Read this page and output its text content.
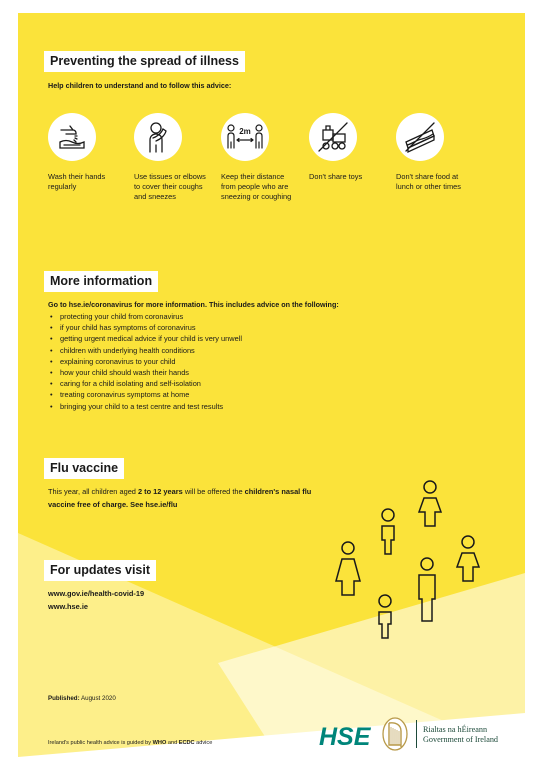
Preventing the spread of illness
Help children to understand and to follow this advice:
Wash their hands regularly
Use tissues or elbows to cover their coughs and sneezes
2m
Keep their distance from people who are sneezing or coughing
Don't share toys	Don't share food at lunch or other times
More information
Go to hse.ie/coronavirus for more information. This includes advice on the following:
• protecting your child from coronavirus
• if your child has symptoms of coronavirus
• getting urgent medical advice if your child is very unwell
• children with underlying health conditions
• explaining coronavirus to your child
• how your child should wash their hands
• caring for a child isolating and self-isolation
• treating coronavirus symptoms at home
• bringing your child to a test centre and test results
Flu vaccine
This year, all children aged 2 to 12 years will be offered the children's nasal flu vaccine free of charge. See hse.ie/flu
For updates visit
www.gov.ie/health-covid-19
www.hse.ie
Published: August 2020
Ireland's public health advice is guided by WHO and ECDC advice	HSE	Rialtas na hÉireann
Government of Ireland
